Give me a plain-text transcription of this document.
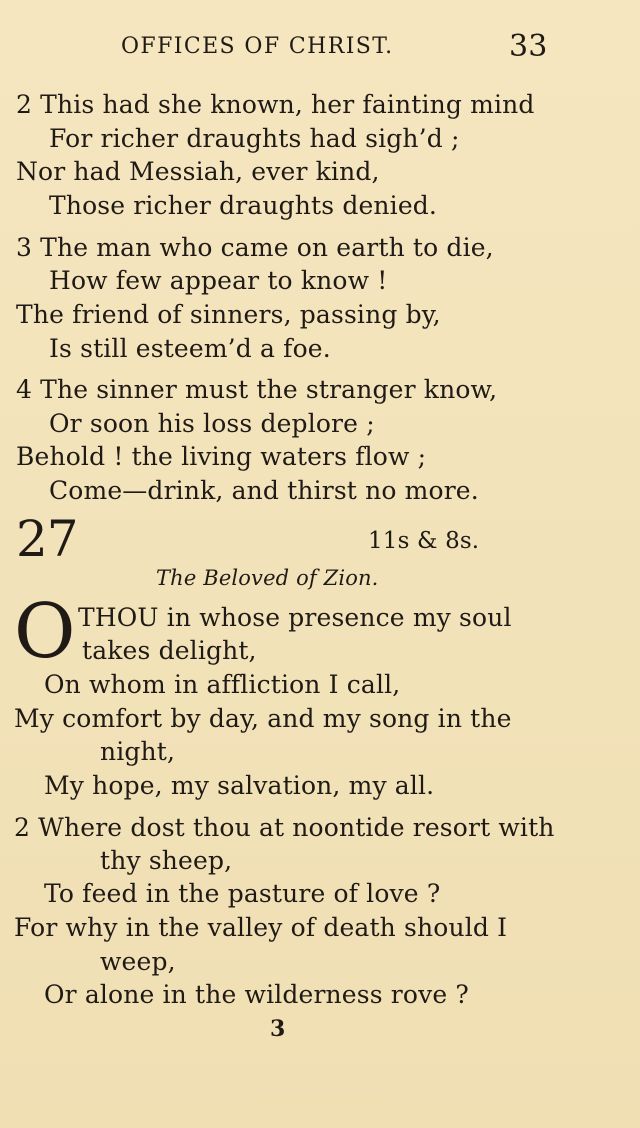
OFFICES OF CHRIST.	33
2 This had she known, her fainting mind
For richer draughts had sigh’d ;
Nor had Messiah, ever kind,
Those richer draughts denied.
3 The man who came on earth to die,
How few appear to know !
The friend of sinners, passing by,
Is still esteem’d a foe.
4 The sinner must the stranger know,
Or soon his loss deplore ;
Behold ! the living waters flow ;
Come—drink, and thirst no more.
27	11s & 8s.
The Beloved of Zion.
O THOU in whose presence my soul
takes delight,
On whom in affliction I call,
My comfort by day, and my song in the
night,
My hope, my salvation, my all.
2 Where dost thou at noontide resort with
thy sheep,
To feed in the pasture of love ?
For why in the valley of death should I
weep,
Or alone in the wilderness rove ?
3
